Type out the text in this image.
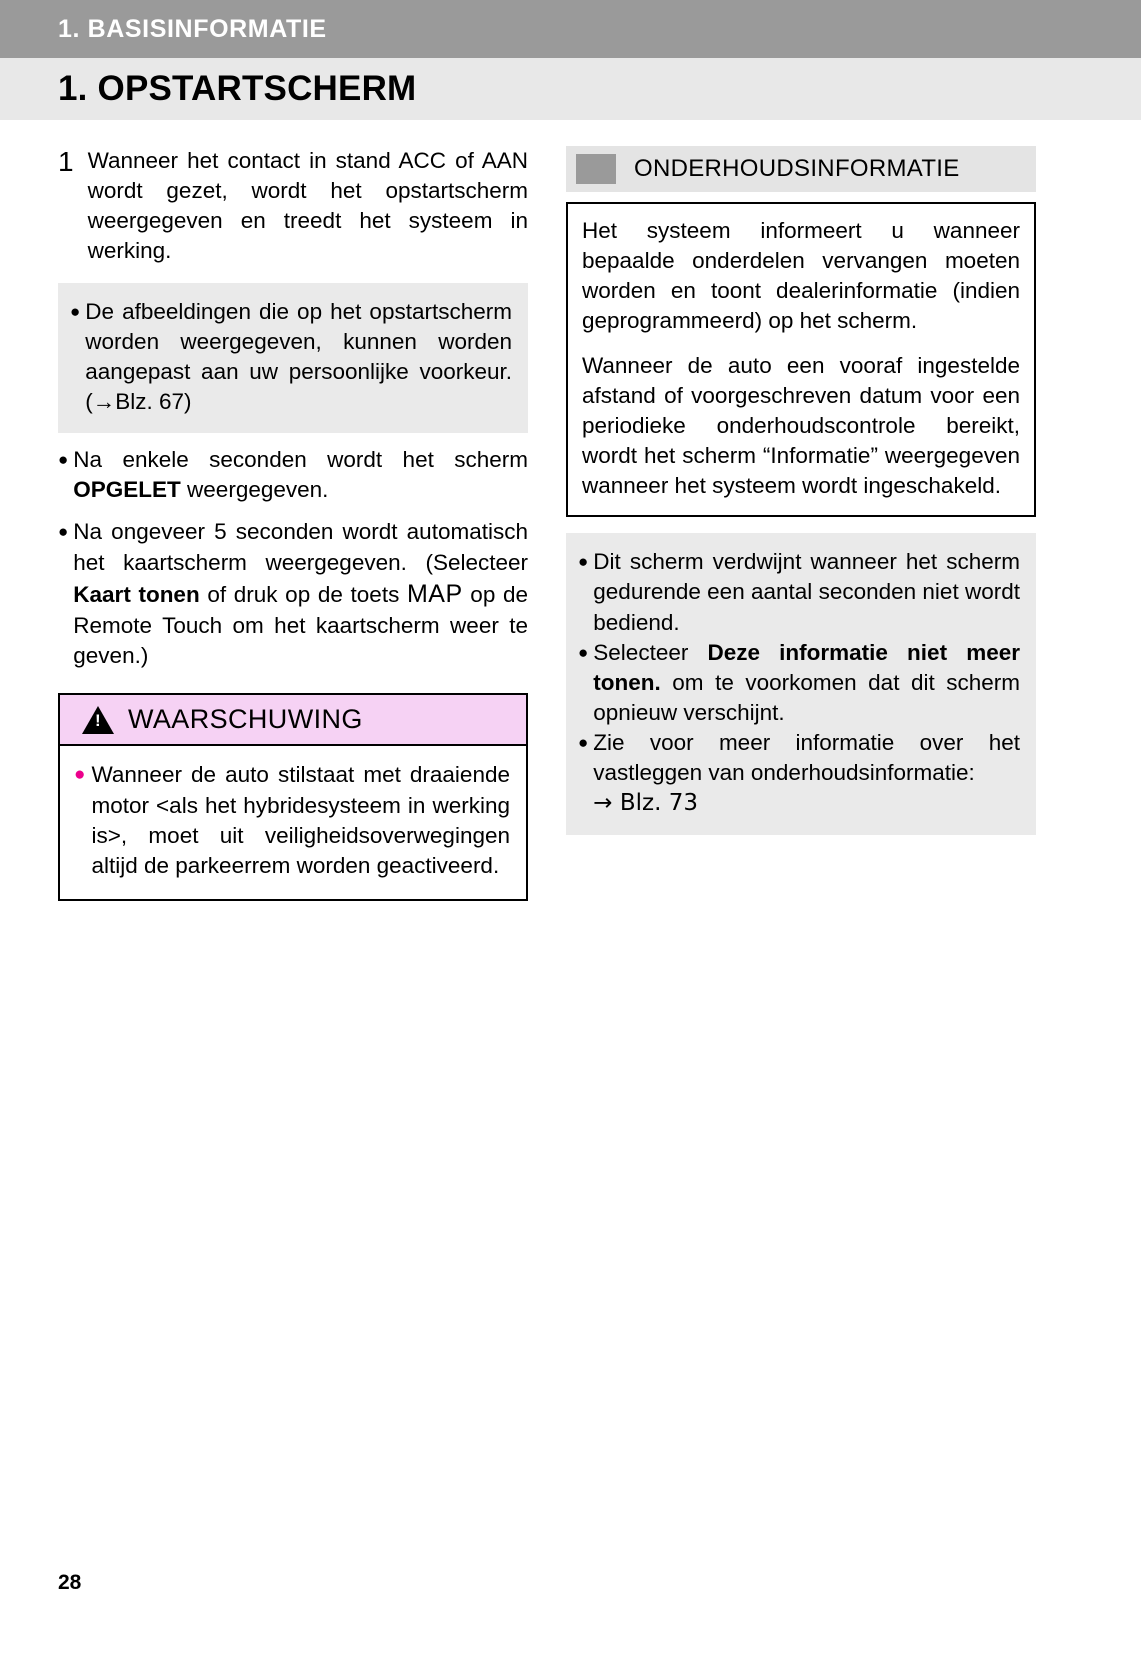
1. BASISINFORMATIE
1. OPSTARTSCHERM
1 Wanneer het contact in stand ACC of AAN wordt gezet, wordt het opstartscherm weergegeven en treedt het systeem in werking.
● De afbeeldingen die op het opstartscherm worden weergegeven, kunnen worden aangepast aan uw persoonlijke voorkeur. (→Blz. 67)
● Na enkele seconden wordt het scherm OPGELET weergegeven.
● Na ongeveer 5 seconden wordt automatisch het kaartscherm weergegeven. (Selecteer Kaart tonen of druk op de toets MAP op de Remote Touch om het kaartscherm weer te geven.)
!
WAARSCHUWING
● Wanneer de auto stilstaat met draaiende motor <als het hybridesysteem in werking is>, moet uit veiligheidsoverwegingen altijd de parkeerrem worden geactiveerd.
ONDERHOUDSINFORMATIE

Het systeem informeert u wanneer bepaalde onderdelen vervangen moeten worden en toont dealerinformatie (indien geprogrammeerd) op het scherm.

Wanneer de auto een vooraf ingestelde afstand of voorgeschreven datum voor een periodieke onderhoudscontrole bereikt, wordt het scherm “Informatie” weergegeven wanneer het systeem wordt ingeschakeld.

● Dit scherm verdwijnt wanneer het scherm gedurende een aantal seconden niet wordt bediend.
● Selecteer Deze informatie niet meer tonen. om te voorkomen dat dit scherm opnieuw verschijnt.
● Zie voor meer informatie over het vastleggen van onderhoudsinformatie:
→ Blz. 73
28
